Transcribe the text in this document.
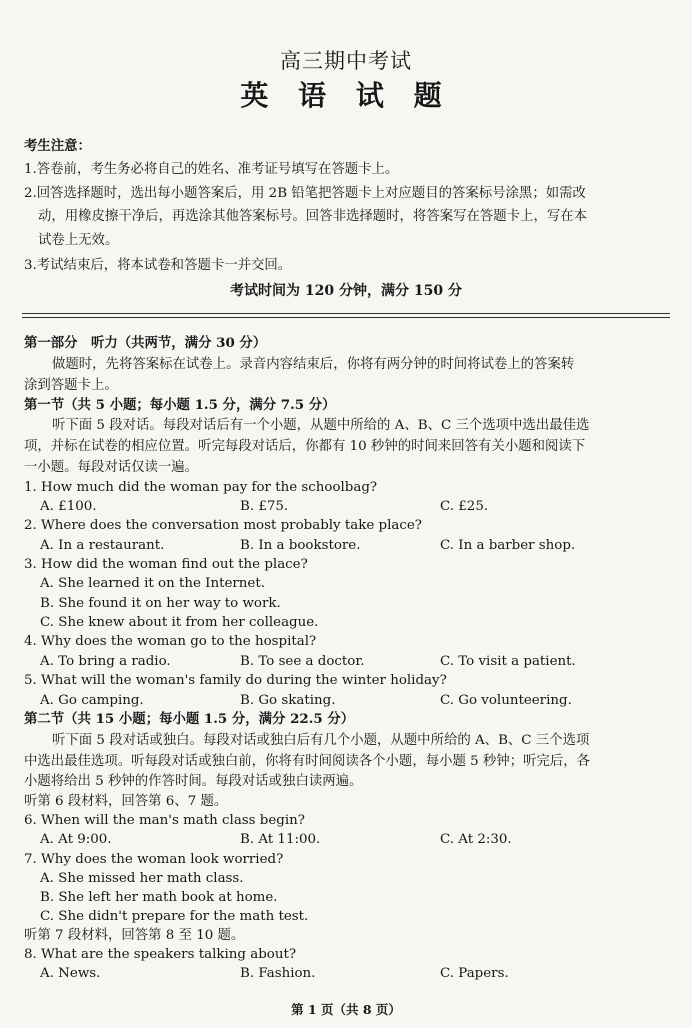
高三期中考试
英 语 试 题
考生注意：
1.答卷前，考生务必将自己的姓名、准考证号填写在答题卡上。
2.回答选择题时，选出每小题答案后，用 2B 铅笔把答题卡上对应题目的答案标号涂黑；如需改
动，用橡皮擦干净后，再选涂其他答案标号。回答非选择题时，将答案写在答题卡上，写在本
试卷上无效。
3.考试结束后，将本试卷和答题卡一并交回。
考试时间为 120 分钟，满分 150 分
第一部分　听力（共两节，满分 30 分）
做题时，先将答案标在试卷上。录音内容结束后，你将有两分钟的时间将试卷上的答案转
涂到答题卡上。
第一节（共 5 小题；每小题 1.5 分，满分 7.5 分）
听下面 5 段对话。每段对话后有一个小题，从题中所给的 A、B、C 三个选项中选出最佳选
项，并标在试卷的相应位置。听完每段对话后，你都有 10 秒钟的时间来回答有关小题和阅读下
一小题。每段对话仅读一遍。
1. How much did the woman pay for the schoolbag?
A. £100.	B. £75.	C. £25.
2. Where does the conversation most probably take place?
A. In a restaurant.	B. In a bookstore.	C. In a barber shop.
3. How did the woman find out the place?
A. She learned it on the Internet.
B. She found it on her way to work.
C. She knew about it from her colleague.
4. Why does the woman go to the hospital?
A. To bring a radio.	B. To see a doctor.	C. To visit a patient.
5. What will the woman's family do during the winter holiday?
A. Go camping.	B. Go skating.	C. Go volunteering.
第二节（共 15 小题；每小题 1.5 分，满分 22.5 分）
听下面 5 段对话或独白。每段对话或独白后有几个小题，从题中所给的 A、B、C 三个选项
中选出最佳选项。听每段对话或独白前，你将有时间阅读各个小题，每小题 5 秒钟；听完后，各
小题将给出 5 秒钟的作答时间。每段对话或独白读两遍。
听第 6 段材料，回答第 6、7 题。
6. When will the man's math class begin?
A. At 9:00.	B. At 11:00.	C. At 2:30.
7. Why does the woman look worried?
A. She missed her math class.
B. She left her math book at home.
C. She didn't prepare for the math test.
听第 7 段材料，回答第 8 至 10 题。
8. What are the speakers talking about?
A. News.	B. Fashion.	C. Papers.
第 1 页（共 8 页）
